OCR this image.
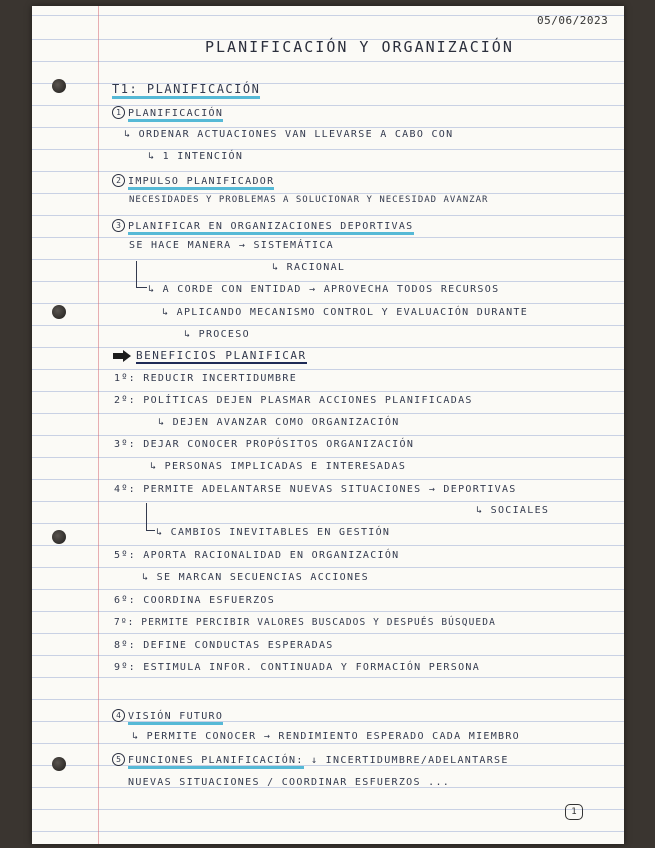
05/06/2023
PLANIFICACIÓN Y ORGANIZACIÓN
T1: PLANIFICACIÓN
1 PLANIFICACIÓN
↳ ORDENAR ACTUACIONES VAN LLEVARSE A CABO CON
↳ 1 INTENCIÓN
2 IMPULSO PLANIFICADOR
NECESIDADES Y PROBLEMAS A SOLUCIONAR Y NECESIDAD AVANZAR
3 PLANIFICAR EN ORGANIZACIONES DEPORTIVAS
SE HACE MANERA → SISTEMÁTICA
↳ RACIONAL
↳ A CORDE CON ENTIDAD → APROVECHA TODOS RECURSOS
↳ APLICANDO MECANISMO CONTROL Y EVALUACIÓN DURANTE
↳ PROCESO
BENEFICIOS PLANIFICAR
1º: REDUCIR INCERTIDUMBRE
2º: POLÍTICAS DEJEN PLASMAR ACCIONES PLANIFICADAS
↳ DEJEN AVANZAR COMO ORGANIZACIÓN
3º: DEJAR CONOCER PROPÓSITOS ORGANIZACIÓN
↳ PERSONAS IMPLICADAS E INTERESADAS
4º: PERMITE ADELANTARSE NUEVAS SITUACIONES → DEPORTIVAS
↳ SOCIALES
↳ CAMBIOS INEVITABLES EN GESTIÓN
5º: APORTA RACIONALIDAD EN ORGANIZACIÓN
↳ SE MARCAN SECUENCIAS ACCIONES
6º: COORDINA ESFUERZOS
7º: PERMITE PERCIBIR VALORES BUSCADOS Y DESPUÉS BÚSQUEDA
8º: DEFINE CONDUCTAS ESPERADAS
9º: ESTIMULA INFOR. CONTINUADA Y FORMACIÓN PERSONA
4 VISIÓN FUTURO
↳ PERMITE CONOCER → RENDIMIENTO ESPERADO CADA MIEMBRO
5 FUNCIONES PLANIFICACIÓN: ↓ INCERTIDUMBRE/ADELANTARSE
NUEVAS SITUACIONES / COORDINAR ESFUERZOS ...
1
